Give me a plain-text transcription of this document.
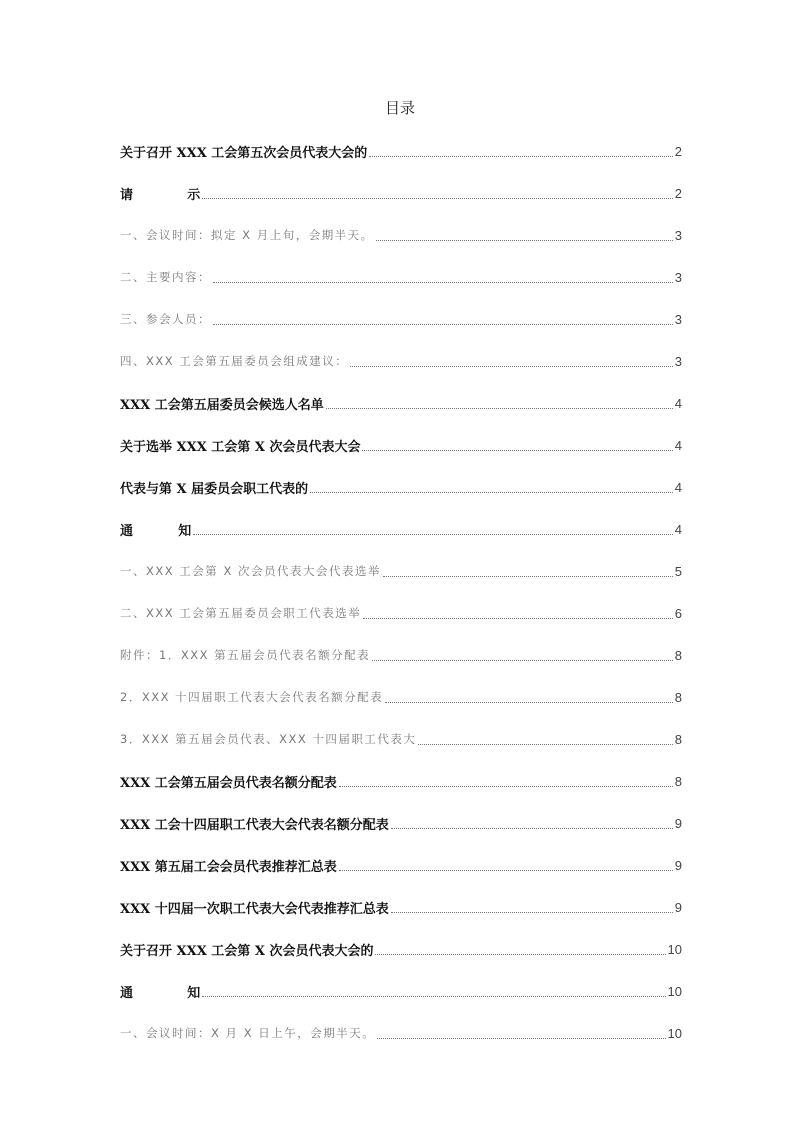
目录
关于召开 XXX 工会第五次会员代表大会的	2
请            示	2
一、会议时间：拟定 X 月上旬，会期半天。	3
二、主要内容：	3
三、参会人员：	3
四、XXX 工会第五届委员会组成建议：	3
XXX 工会第五届委员会候选人名单	4
关于选举 XXX 工会第 X 次会员代表大会	4
代表与第 X 届委员会职工代表的	4
通          知	4
一、XXX 工会第 X 次会员代表大会代表选举	5
二、XXX 工会第五届委员会职工代表选举	6
附件：1．XXX 第五届会员代表名额分配表	8
2．XXX 十四届职工代表大会代表名额分配表	8
3．XXX 第五届会员代表、XXX 十四届职工代表大	8
XXX 工会第五届会员代表名额分配表	8
XXX 工会十四届职工代表大会代表名额分配表	9
XXX 第五届工会会员代表推荐汇总表	9
XXX 十四届一次职工代表大会代表推荐汇总表	9
关于召开 XXX 工会第 X 次会员代表大会的	10
通            知	10
一、会议时间：X 月 X 日上午，会期半天。	10
